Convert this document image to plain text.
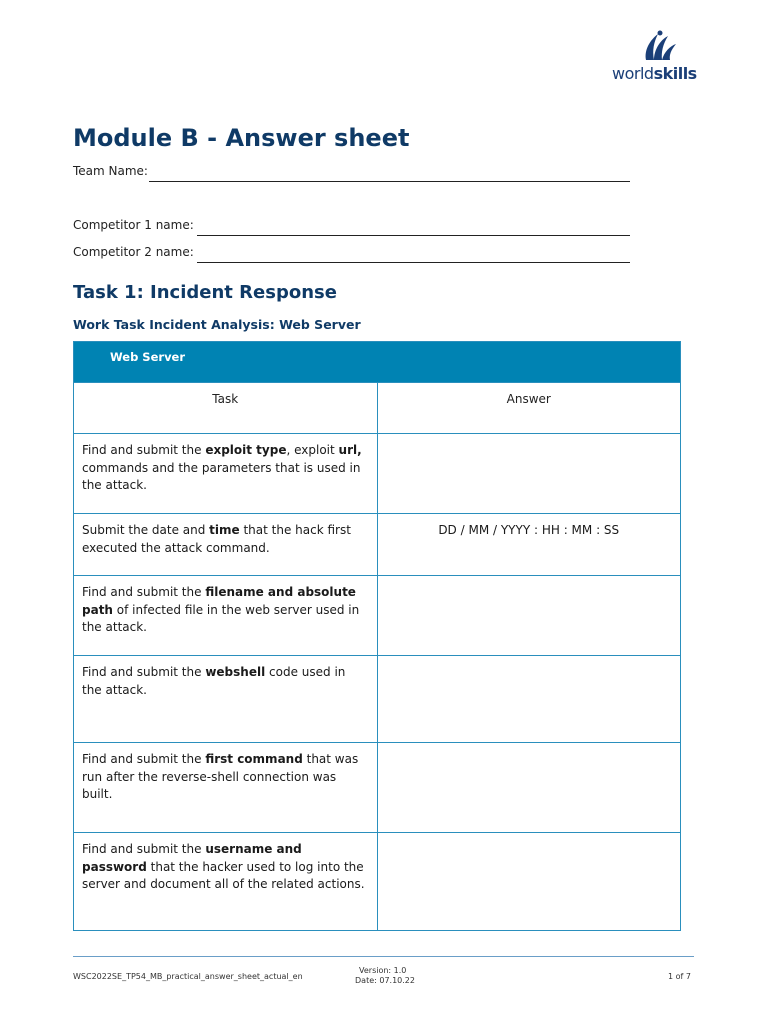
worldskills
Module B - Answer sheet
Team Name:
Competitor 1 name:
Competitor 2 name:
Task 1: Incident Response
Work Task Incident Analysis: Web Server
Web Server	

Task	Answer
Find and submit the exploit type, exploit url, commands and the parameters that is used in the attack.	
Submit the date and time that the hack first executed the attack command.	DD / MM / YYYY : HH : MM : SS
Find and submit the filename and absolute path of infected file in the web server used in the attack.	
Find and submit the webshell code used in the attack.	
Find and submit the first command that was run after the reverse-shell connection was built.	
Find and submit the username and password that the hacker used to log into the server and document all of the related actions.	
WSC2022SE_TP54_MB_practical_answer_sheet_actual_en
Version: 1.0
Date: 07.10.22	1 of 7
